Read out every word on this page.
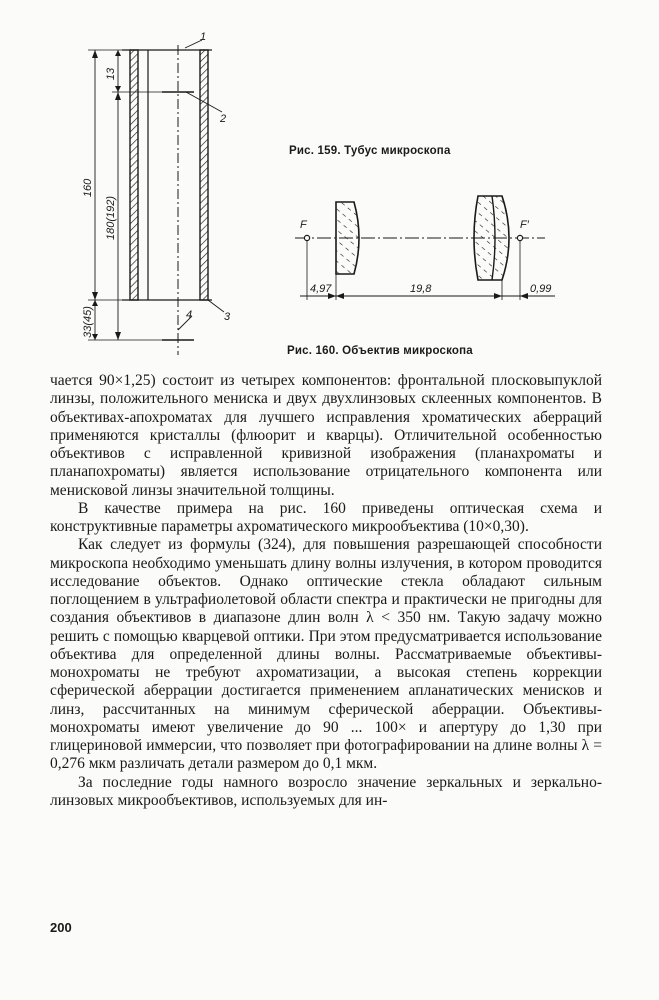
160
180(192)
13
33(45)
1
2
3
4
F	F′
4,97	19,8	0,99
Рис. 159. Тубус микроскопа
Рис. 160. Объектив микроскопа

чается 90×1,25) состоит из четырех компонентов: фронтальной плосковыпуклой линзы, положительного мениска и двух двухлинзовых склеенных компонентов. В объективах-апохроматах для лучшего исправления хроматических аберраций применяются кристаллы (флюорит и кварцы). Отличительной особенностью объективов с исправленной кривизной изображения (планахроматы и планапохроматы) является использование отрицательного компонента или менисковой линзы значительной толщины.

В качестве примера на рис. 160 приведены оптическая схема и конструктивные параметры ахроматического микрообъектива (10×0,30).

Как следует из формулы (324), для повышения разрешающей способности микроскопа необходимо уменьшать длину волны излучения, в котором проводится исследование объектов. Однако оптические стекла обладают сильным поглощением в ультрафиолетовой области спектра и практически не пригодны для создания объективов в диапазоне длин волн λ < 350 нм. Такую задачу можно решить с помощью кварцевой оптики. При этом предусматривается использование объектива для определенной длины волны. Рассматриваемые объективы-монохроматы не требуют ахроматизации, а высокая степень коррекции сферической аберрации достигается применением апланатических менисков и линз, рассчитанных на минимум сферической аберрации. Объективы-монохроматы имеют увеличение до 90 ... 100× и апертуру до 1,30 при глицериновой иммерсии, что позволяет при фотографировании на длине волны λ = 0,276 мкм различать детали размером до 0,1 мкм.

За последние годы намного возросло значение зеркальных и зеркально-линзовых микрообъективов, используемых для ин-

200
